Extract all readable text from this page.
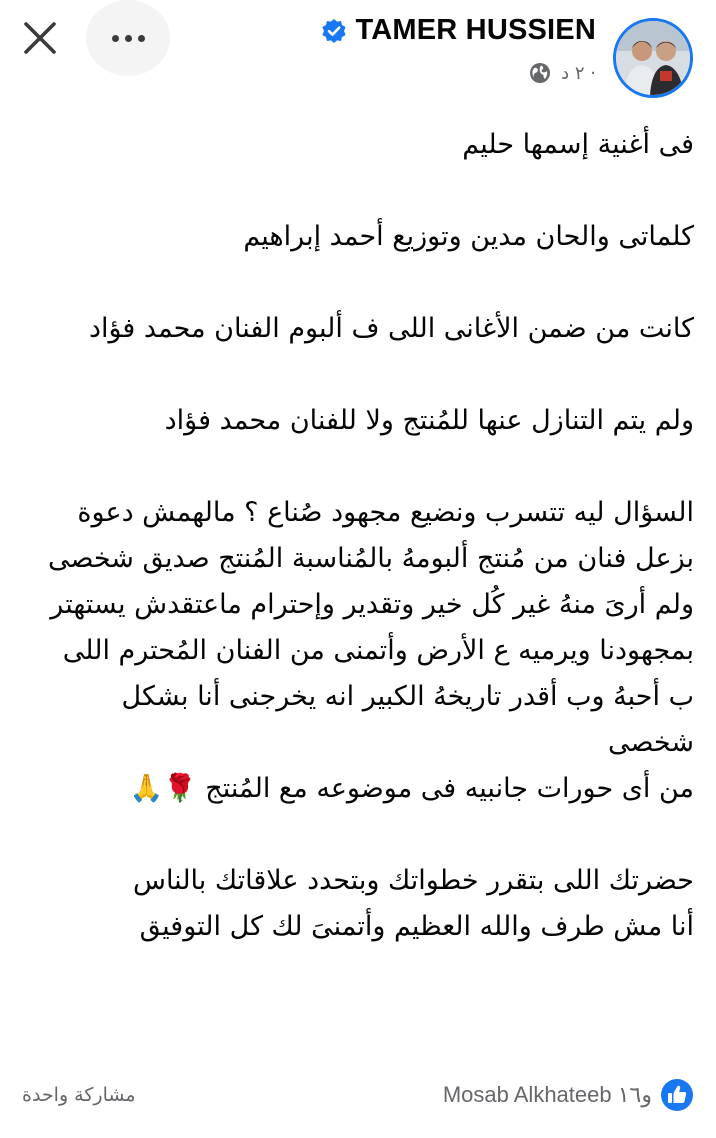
TAMER HUSSIEN
٢ د ·

فى أغنية إسمها حليم

كلماتى والحان مدين وتوزيع أحمد إبراهيم

كانت من ضمن الأغانى اللى ف ألبوم الفنان محمد فؤاد

ولم يتم التنازل عنها للمُنتج ولا للفنان محمد فؤاد

السؤال ليه تتسرب ونضيع مجهود صُناع ؟ مالهمش دعوة

بزعل فنان من مُنتج ألبومهُ بالمُناسبة المُنتج صديق شخصى

ولم أرىَ منهُ غير كُل خير وتقدير وإحترام ماعتقدش يستهتر

بمجهودنا ويرميه ع الأرض وأتمنى من الفنان المُحترم اللى

ب أحبهُ وب أقدر تاريخهُ الكبير انه يخرجنى أنا بشكل

شخصى

من أى حورات جانبيه فى موضوعه مع المُنتج 🌹🙏

حضرتك اللى بتقرر خطواتك وبتحدد علاقاتك بالناس

أنا مش طرف والله العظيم وأتمنىَ لك كل التوفيق

مشاركة واحدة	Mosab Alkhateeb و١٦
